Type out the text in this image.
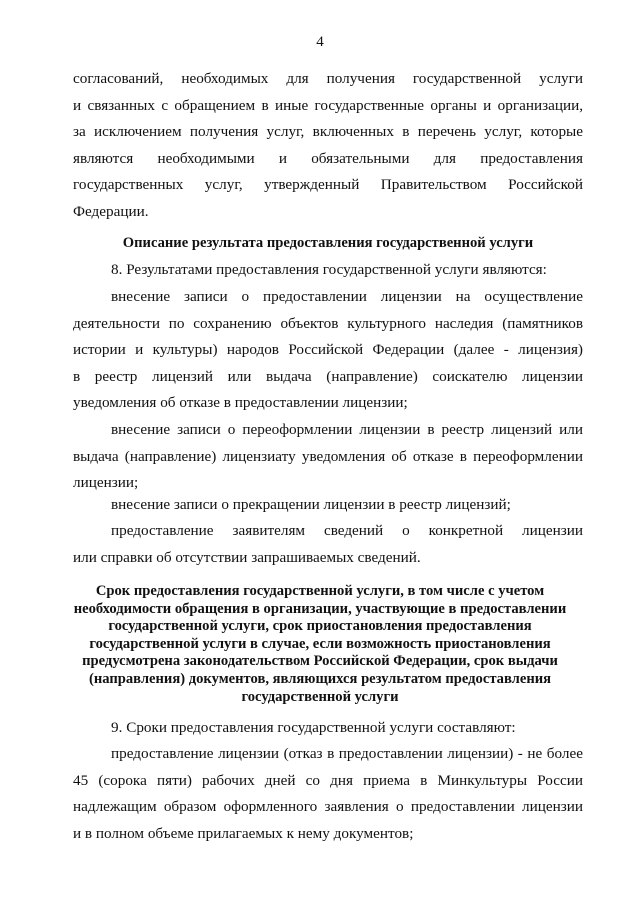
4
согласований, необходимых для получения государственной услуги
и связанных с обращением в иные государственные органы и организации,
за исключением получения услуг, включенных в перечень услуг, которые
являются необходимыми и обязательными для предоставления
государственных услуг, утвержденный Правительством Российской
Федерации.
Описание результата предоставления государственной услуги
8. Результатами предоставления государственной услуги являются:
внесение записи о предоставлении лицензии на осуществление
деятельности по сохранению объектов культурного наследия (памятников
истории и культуры) народов Российской Федерации (далее - лицензия)
в реестр лицензий или выдача (направление) соискателю лицензии
уведомления об отказе в предоставлении лицензии;
внесение записи о переоформлении лицензии в реестр лицензий или
выдача (направление) лицензиату уведомления об отказе в переоформлении
лицензии;
внесение записи о прекращении лицензии в реестр лицензий;
предоставление заявителям сведений о конкретной лицензии
или справки об отсутствии запрашиваемых сведений.
Срок предоставления государственной услуги, в том числе с учетом
необходимости обращения в организации, участвующие в предоставлении
государственной услуги, срок приостановления предоставления
государственной услуги в случае, если возможность приостановления
предусмотрена законодательством Российской Федерации, срок выдачи
(направления) документов, являющихся результатом предоставления
государственной услуги
9. Сроки предоставления государственной услуги составляют:
предоставление лицензии (отказ в предоставлении лицензии) - не более
45 (сорока пяти) рабочих дней со дня приема в Минкультуры России
надлежащим образом оформленного заявления о предоставлении лицензии
и в полном объеме прилагаемых к нему документов;
